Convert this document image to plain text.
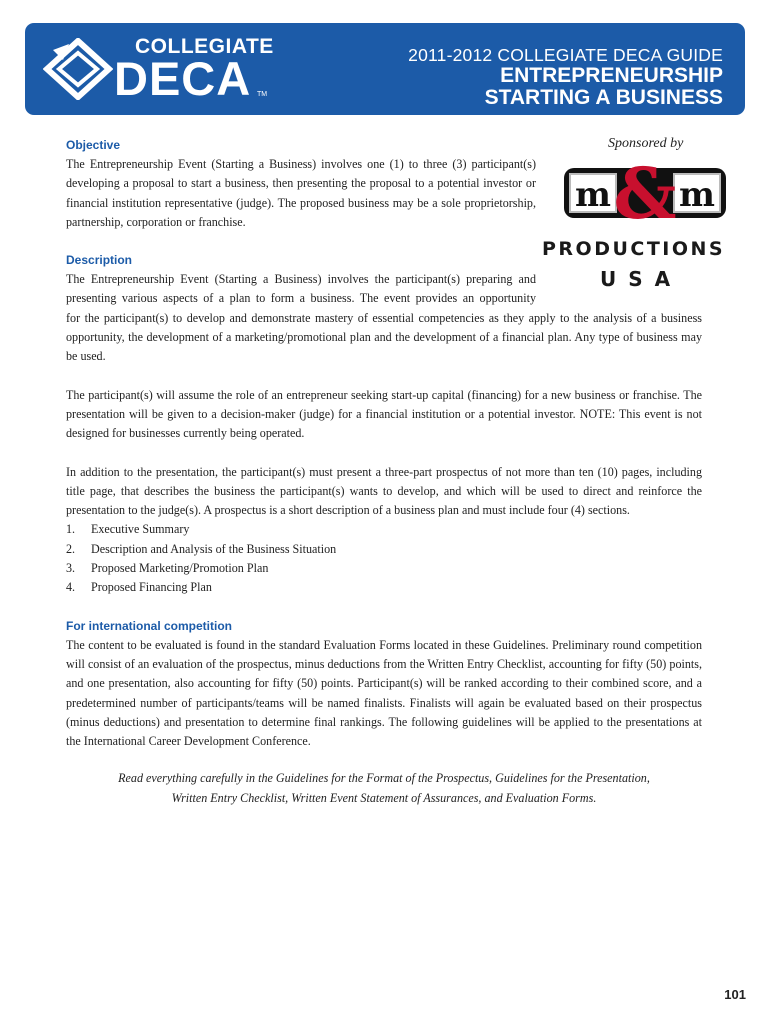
COLLEGIATE
DECA TM
2011-2012 COLLEGIATE DECA GUIDE
ENTREPRENEURSHIP
STARTING A BUSINESS
Sponsored by
m & m
PRODUCTIONS
USA
Objective

The Entrepreneurship Event (Starting a Business) involves one (1) to three (3) participant(s) developing a proposal to start a business, then presenting the proposal to a potential investor or financial institution representative (judge). The proposed business may be a sole proprietorship, partnership, corporation or franchise.

Description

The Entrepreneurship Event (Starting a Business) involves the participant(s) preparing and presenting various aspects of a plan to form a business. The event provides an opportunity

for the participant(s) to develop and demonstrate mastery of essential competencies as they apply to the analysis of a business opportunity, the development of a marketing/promotional plan and the development of a financial plan. Any type of business may be used.

The participant(s) will assume the role of an entrepreneur seeking start-up capital (financing) for a new business or franchise. The presentation will be given to a decision-maker (judge) for a financial institution or a potential investor. NOTE: This event is not designed for businesses currently being operated.

In addition to the presentation, the participant(s) must present a three-part prospectus of not more than ten (10) pages, including title page, that describes the business the participant(s) wants to develop, and which will be used to direct and reinforce the presentation to the judge(s). A prospectus is a short description of a business plan and must include four (4) sections.

1.	Executive Summary
2.	Description and Analysis of the Business Situation
3.	Proposed Marketing/Promotion Plan
4.	Proposed Financing Plan
For international competition

The content to be evaluated is found in the standard Evaluation Forms located in these Guidelines. Preliminary round competition will consist of an evaluation of the prospectus, minus deductions from the Written Entry Checklist, accounting for fifty (50) points, and one presentation, also accounting for fifty (50) points. Participant(s) will be ranked according to their combined score, and a predetermined number of participants/teams will be named finalists. Finalists will again be evaluated based on their prospectus (minus deductions) and presentation to determine final rankings. The following guidelines will be applied to the presentations at the International Career Development Conference.

Read everything carefully in the Guidelines for the Format of the Prospectus, Guidelines for the Presentation,
Written Entry Checklist, Written Event Statement of Assurances, and Evaluation Forms.
101
